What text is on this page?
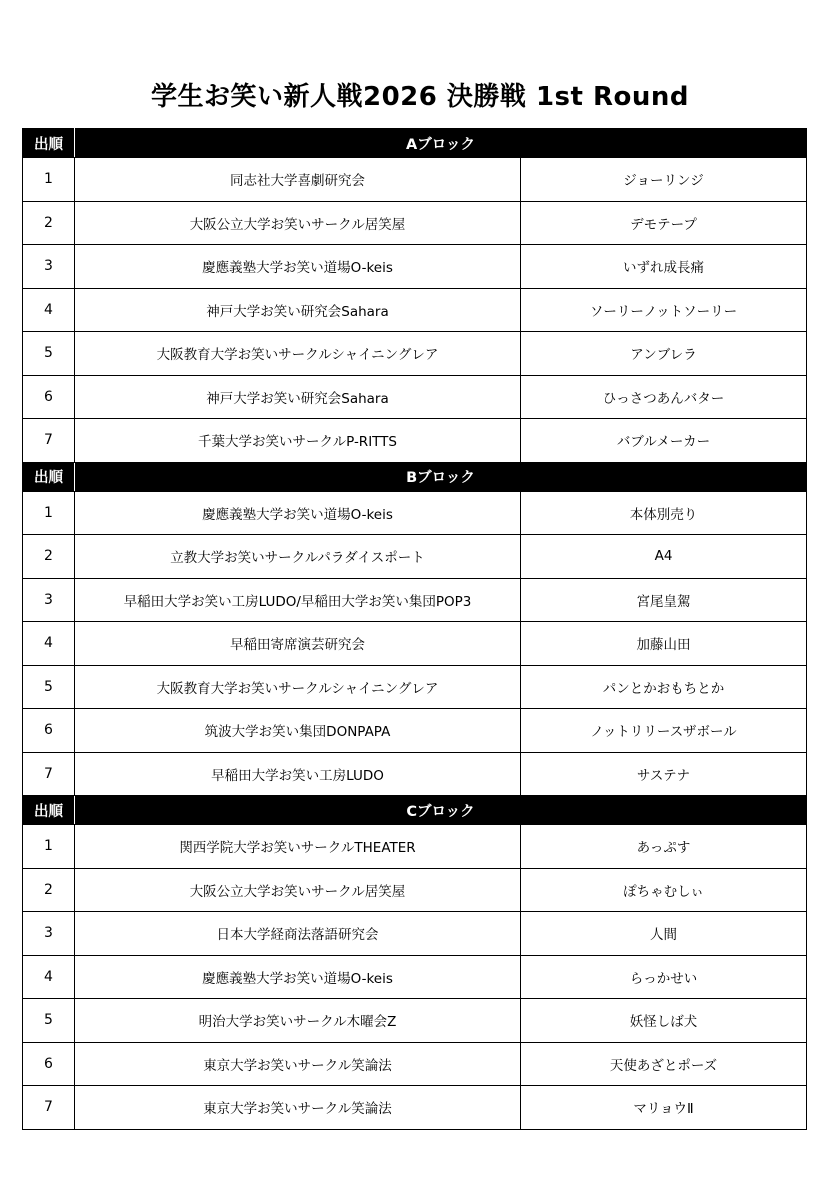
学生お笑い新人戦2026 決勝戦 1st Round
出順	Aブロック	
1	同志社大学喜劇研究会	ジョーリンジ
2	大阪公立大学お笑いサークル居笑屋	デモテープ
3	慶應義塾大学お笑い道場O-keis	いずれ成長痛
4	神戸大学お笑い研究会Sahara	ソーリーノットソーリー
5	大阪教育大学お笑いサークルシャイニングレア	アンブレラ
6	神戸大学お笑い研究会Sahara	ひっさつあんバター
7	千葉大学お笑いサークルP-RITTS	バブルメーカー
出順	Bブロック	
1	慶應義塾大学お笑い道場O-keis	本体別売り
2	立教大学お笑いサークルパラダイスポート	A4
3	早稲田大学お笑い工房LUDO/早稲田大学お笑い集団POP3	宮尾皇駕
4	早稲田寄席演芸研究会	加藤山田
5	大阪教育大学お笑いサークルシャイニングレア	パンとかおもちとか
6	筑波大学お笑い集団DONPAPA	ノットリリースザボール
7	早稲田大学お笑い工房LUDO	サステナ
出順	Cブロック	
1	関西学院大学お笑いサークルTHEATER	あっぷす
2	大阪公立大学お笑いサークル居笑屋	ぽちゃむしぃ
3	日本大学経商法落語研究会	人間
4	慶應義塾大学お笑い道場O-keis	らっかせい
5	明治大学お笑いサークル木曜会Z	妖怪しば犬
6	東京大学お笑いサークル笑論法	天使あざとポーズ
7	東京大学お笑いサークル笑論法	マリョウⅡ
